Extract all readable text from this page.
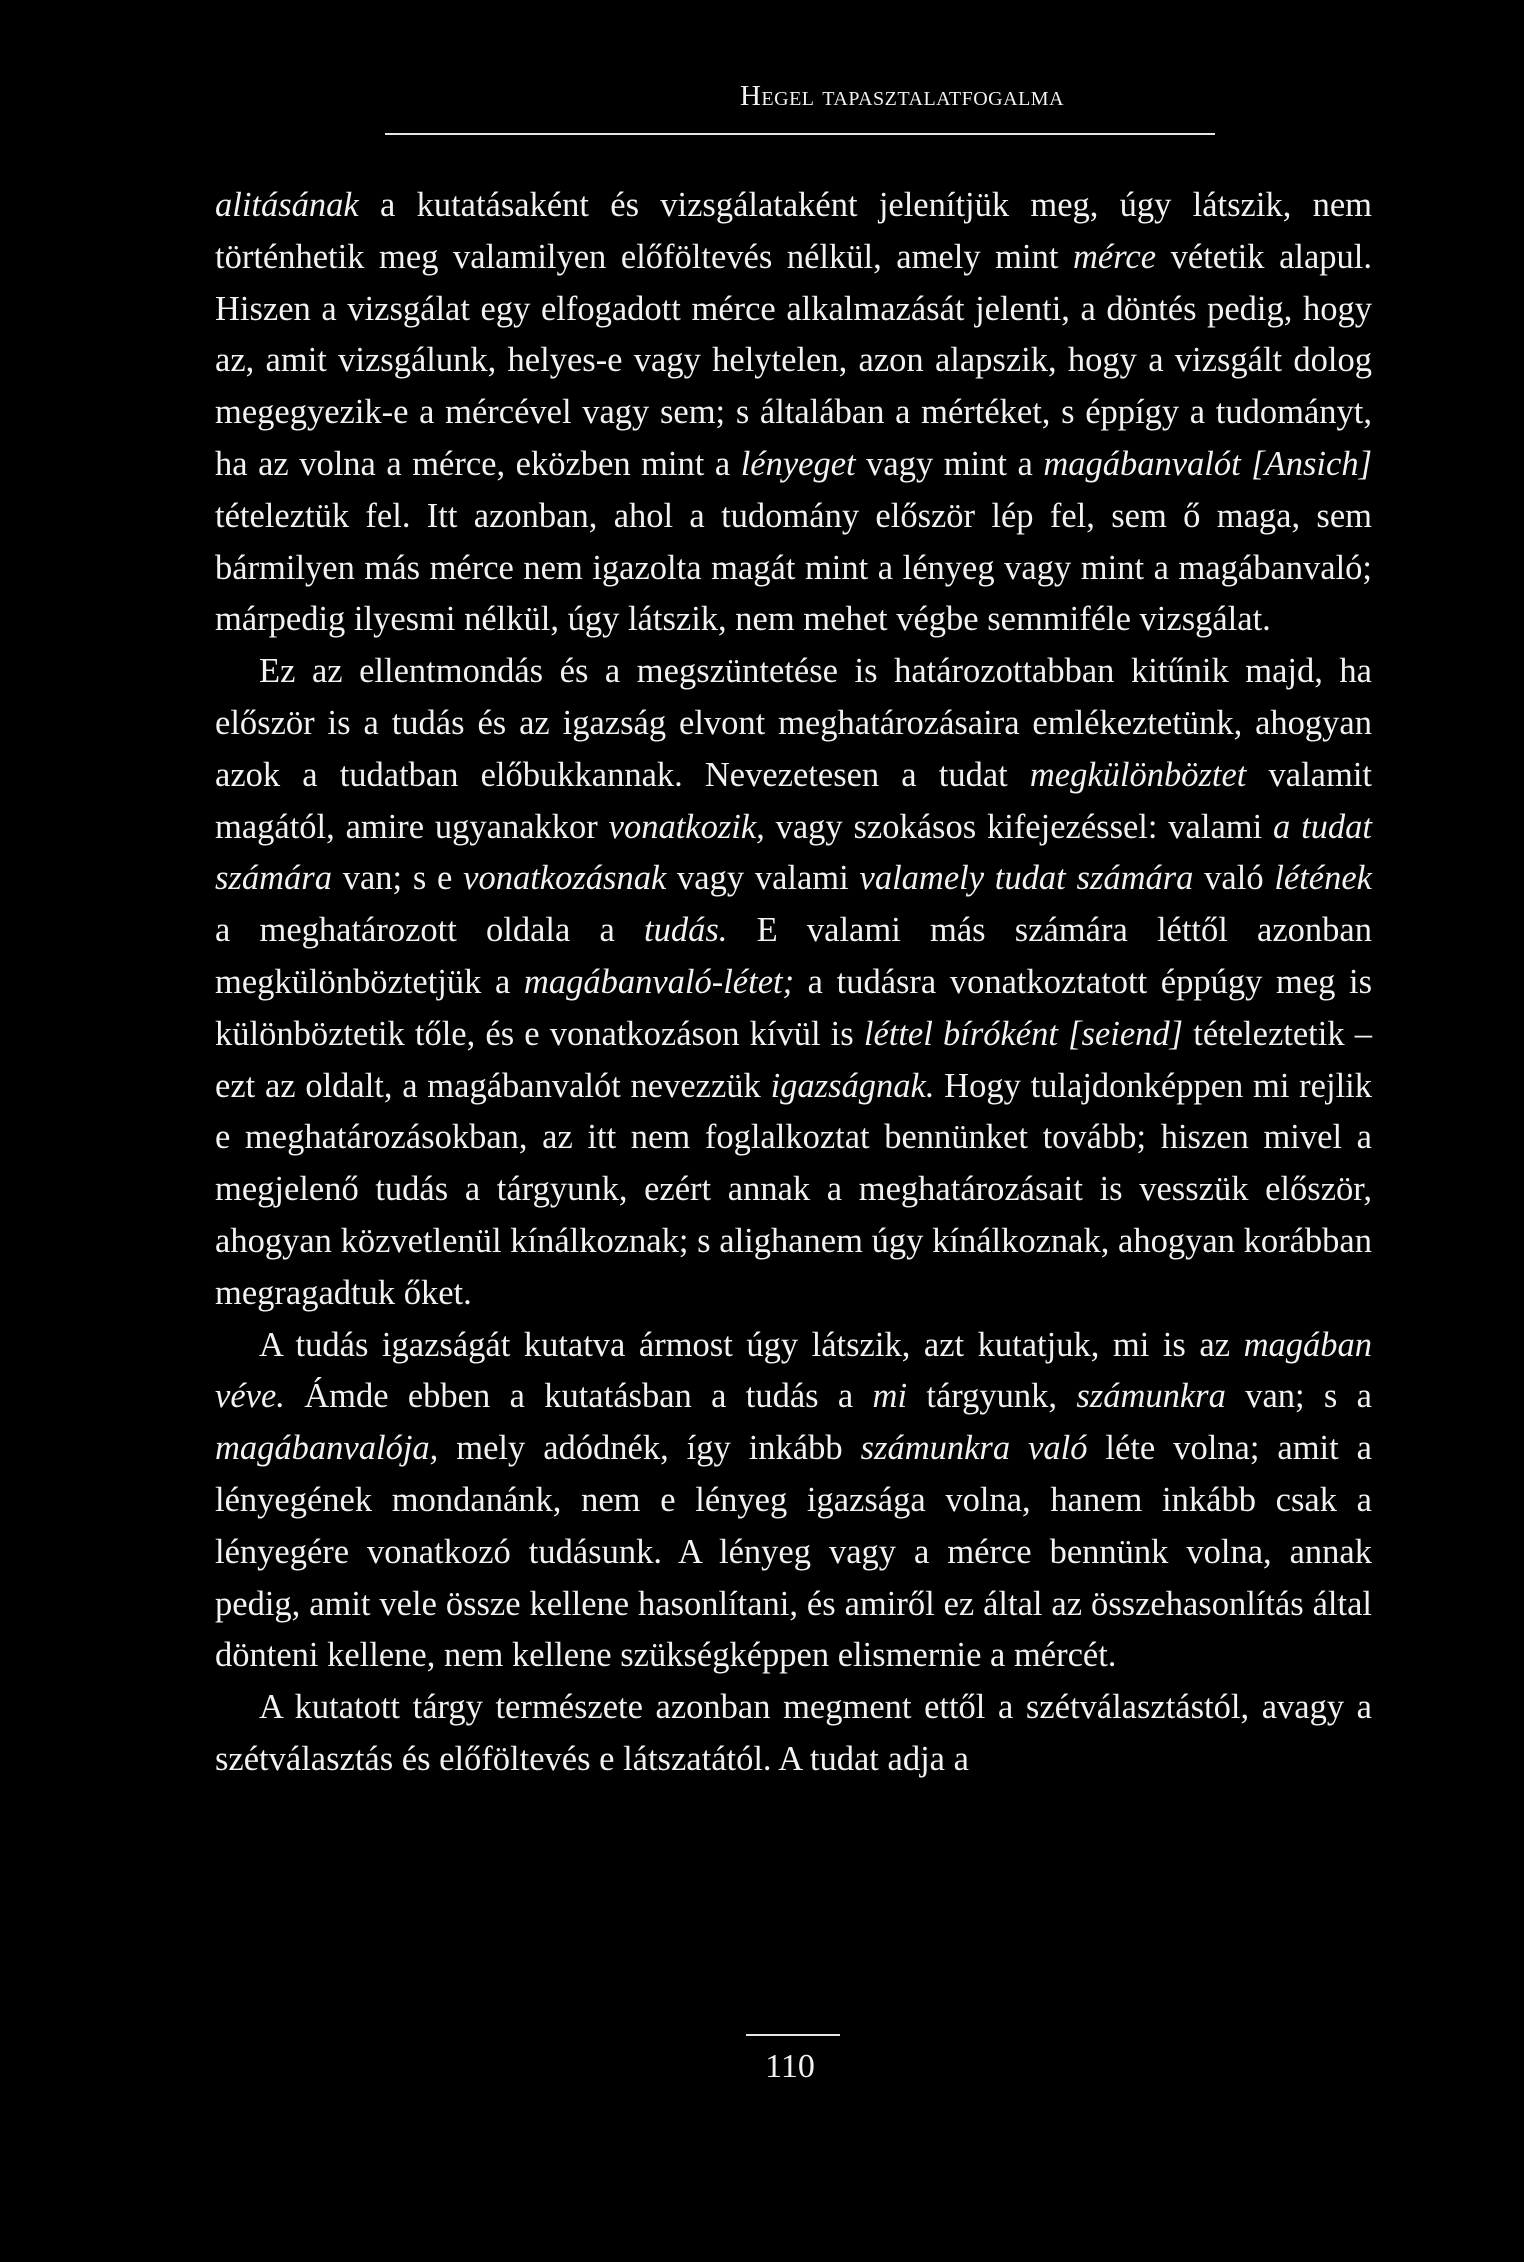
Hegel tapasztalatfogalma

alitásának a kutatásaként és vizsgálataként jelenítjük meg, úgy látszik, nem történhetik meg valamilyen előföltevés nélkül, amely mint mérce vétetik alapul. Hiszen a vizsgálat egy elfogadott mérce alkalmazását jelenti, a döntés pedig, hogy az, amit vizsgálunk, helyes-e vagy helytelen, azon alapszik, hogy a vizsgált dolog megegyezik-e a mércével vagy sem; s általában a mértéket, s éppígy a tudományt, ha az volna a mérce, eközben mint a lényeget vagy mint a magábanvalót [Ansich] tételeztük fel. Itt azonban, ahol a tudomány először lép fel, sem ő maga, sem bármilyen más mérce nem igazolta magát mint a lényeg vagy mint a magábanvaló; márpedig ilyesmi nélkül, úgy látszik, nem mehet végbe semmiféle vizsgálat.

Ez az ellentmondás és a megszüntetése is határozottabban kitűnik majd, ha először is a tudás és az igazság elvont meghatározásaira emlékeztetünk, ahogyan azok a tudatban előbukkannak. Nevezetesen a tudat megkülönböztet valamit magától, amire ugyanakkor vonatkozik, vagy szokásos kifejezéssel: valami a tudat számára van; s e vonatkozásnak vagy valami valamely tudat számára való létének a meghatározott oldala a tudás. E valami más számára léttől azonban megkülönböztetjük a magábanvaló-létet; a tudásra vonatkoztatott éppúgy meg is különböztetik tőle, és e vonatkozáson kívül is léttel bíróként [seiend] tételeztetik – ezt az oldalt, a magábanvalót nevezzük igazságnak. Hogy tulajdonképpen mi rejlik e meghatározásokban, az itt nem foglalkoztat bennünket tovább; hiszen mivel a megjelenő tudás a tárgyunk, ezért annak a meghatározásait is vesszük először, ahogyan közvetlenül kínálkoznak; s alighanem úgy kínálkoznak, ahogyan korábban megragadtuk őket.

A tudás igazságát kutatva ármost úgy látszik, azt kutatjuk, mi is az magában véve. Ámde ebben a kutatásban a tudás a mi tárgyunk, számunkra van; s a magábanvalója, mely adódnék, így inkább számunkra való léte volna; amit a lényegének mondanánk, nem e lényeg igazsága volna, hanem inkább csak a lényegére vonatkozó tudásunk. A lényeg vagy a mérce bennünk volna, annak pedig, amit vele össze kellene hasonlítani, és amiről ez által az összehasonlítás által dönteni kellene, nem kellene szükségképpen elismernie a mércét.

A kutatott tárgy természete azonban megment ettől a szétválasztástól, avagy a szétválasztás és előföltevés e látszatától. A tudat adja a

110
